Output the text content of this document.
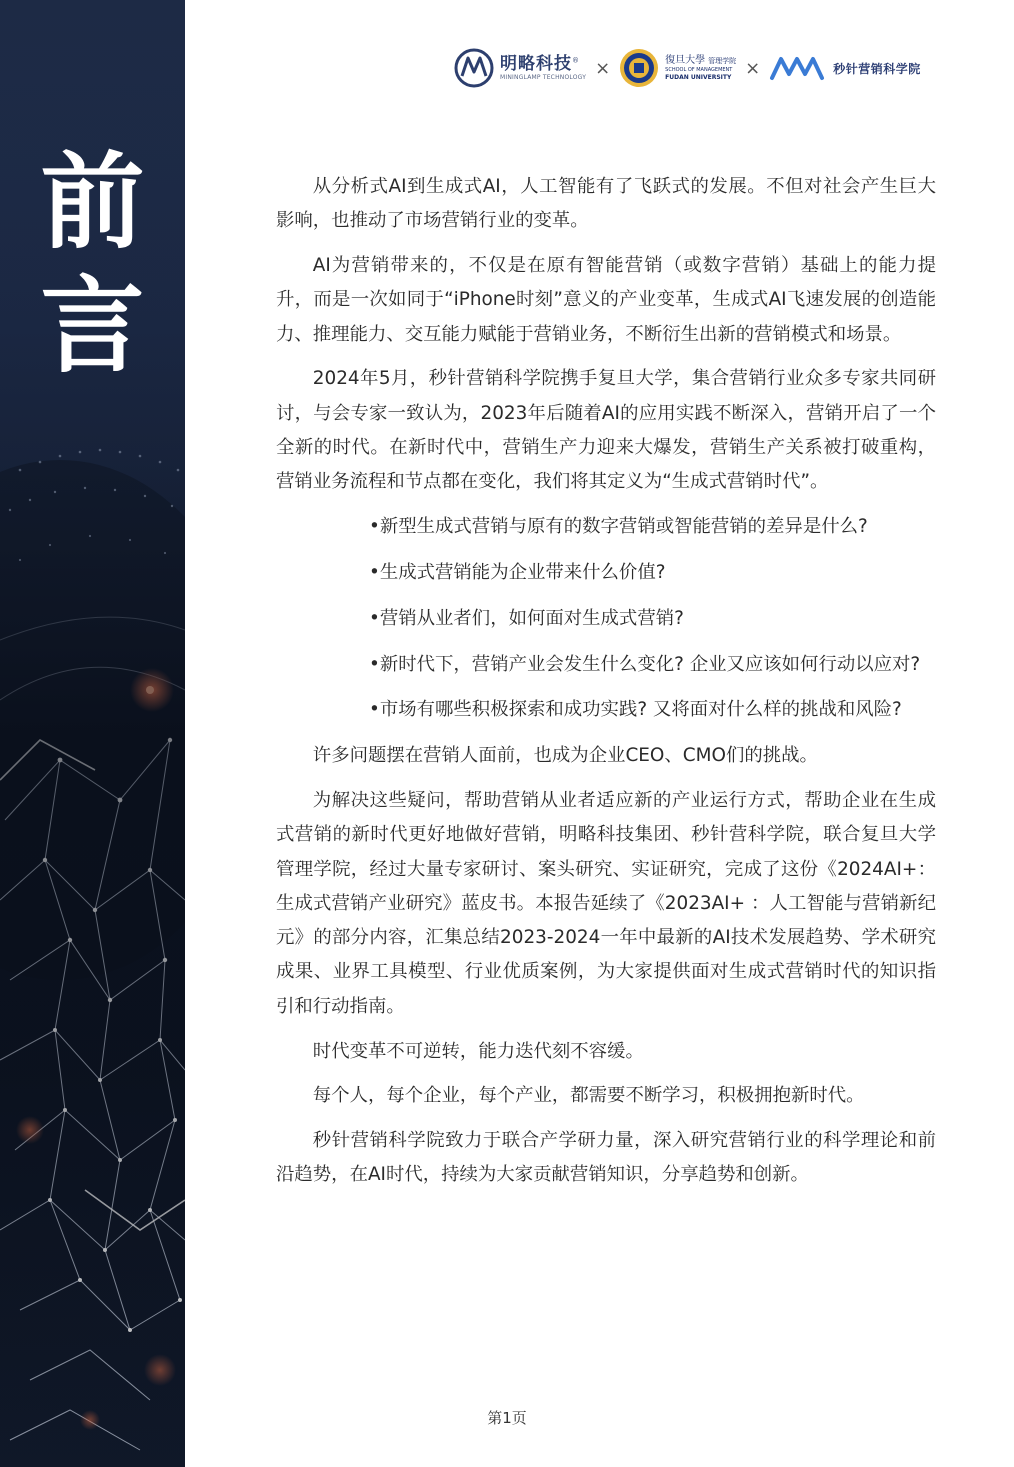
前
言
明略科技®
MININGLAMP TECHNOLOGY ×	復旦大學 管理学院
SCHOOL OF MANAGEMENT
FUDAN UNIVERSITY ×	秒针营销科学院

从分析式AI到生成式AI，人工智能有了飞跃式的发展。不但对社会产生巨大影响，也推动了市场营销行业的变革。

AI为营销带来的，不仅是在原有智能营销（或数字营销）基础上的能力提升，而是一次如同于“iPhone时刻”意义的产业变革，生成式AI飞速发展的创造能力、推理能力、交互能力赋能于营销业务，不断衍生出新的营销模式和场景。

2024年5月，秒针营销科学院携手复旦大学，集合营销行业众多专家共同研讨，与会专家一致认为，2023年后随着AI的应用实践不断深入，营销开启了一个全新的时代。在新时代中，营销生产力迎来大爆发，营销生产关系被打破重构，营销业务流程和节点都在变化，我们将其定义为“生成式营销时代”。

•新型生成式营销与原有的数字营销或智能营销的差异是什么?
•生成式营销能为企业带来什么价值?
•营销从业者们，如何面对生成式营销?
•新时代下，营销产业会发生什么变化? 企业又应该如何行动以应对?
•市场有哪些积极探索和成功实践? 又将面对什么样的挑战和风险?

许多问题摆在营销人面前，也成为企业CEO、CMO们的挑战。

为解决这些疑问，帮助营销从业者适应新的产业运行方式，帮助企业在生成式营销的新时代更好地做好营销，明略科技集团、秒针营科学院，联合复旦大学管理学院，经过大量专家研讨、案头研究、实证研究，完成了这份《2024AI+： 生成式营销产业研究》蓝皮书。本报告延续了《2023AI+ ：人工智能与营销新纪元》的部分内容，汇集总结2023-2024一年中最新的AI技术发展趋势、学术研究成果、业界工具模型、行业优质案例，为大家提供面对生成式营销时代的知识指引和行动指南。

时代变革不可逆转，能力迭代刻不容缓。

每个人，每个企业，每个产业，都需要不断学习，积极拥抱新时代。

秒针营销科学院致力于联合产学研力量，深入研究营销行业的科学理论和前沿趋势，在AI时代，持续为大家贡献营销知识，分享趋势和创新。

第1页
